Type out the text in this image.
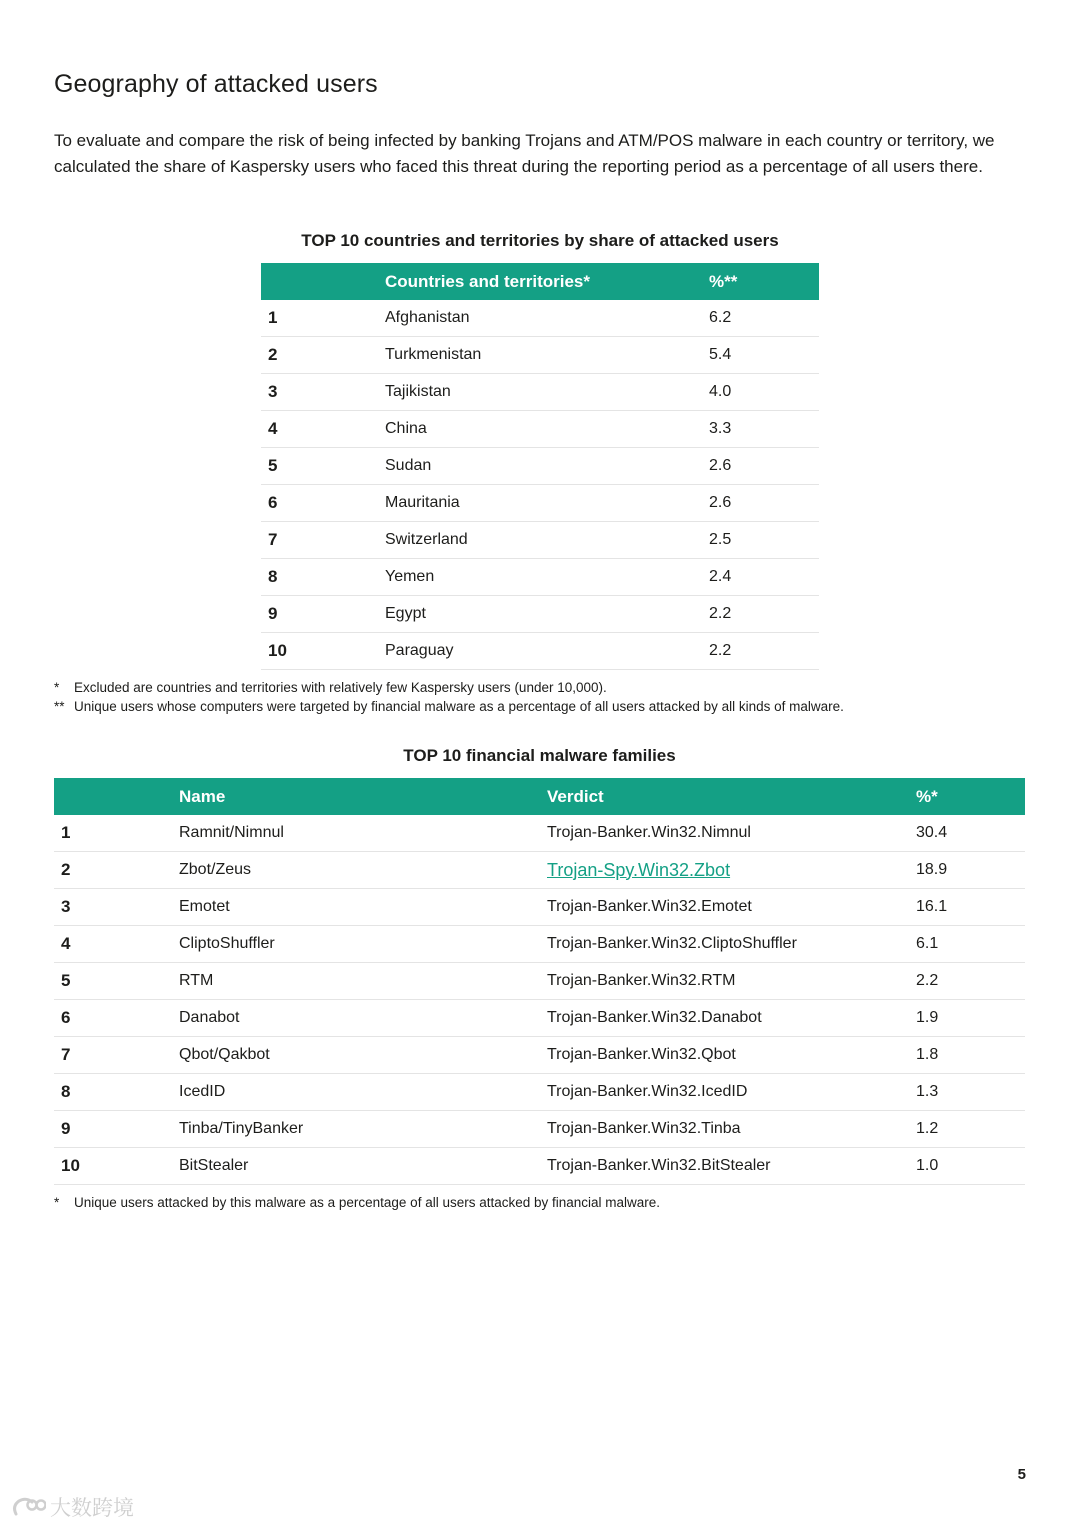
Geography of attacked users

To evaluate and compare the risk of being infected by banking Trojans and ATM/POS malware in each country or territory, we calculated the share of Kaspersky users who faced this threat during the reporting period as a percentage of all users there.

TOP 10 countries and territories by share of attacked users
	Countries and territories*	%**
1	Afghanistan	6.2
2	Turkmenistan	5.4
3	Tajikistan	4.0
4	China	3.3
5	Sudan	2.6
6	Mauritania	2.6
7	Switzerland	2.5
8	Yemen	2.4
9	Egypt	2.2
10	Paraguay	2.2
*	Excluded are countries and territories with relatively few Kaspersky users (under 10,000).
** Unique users whose computers were targeted by financial malware as a percentage of all users attacked by all kinds of malware.
TOP 10 financial malware families
	Name	Verdict	%*
1	Ramnit/Nimnul	Trojan-Banker.Win32.Nimnul	30.4
2	Zbot/Zeus	Trojan-Spy.Win32.Zbot	18.9
3	Emotet	Trojan-Banker.Win32.Emotet	16.1
4	CliptoShuffler	Trojan-Banker.Win32.CliptoShuffler	6.1
5	RTM	Trojan-Banker.Win32.RTM	2.2
6	Danabot	Trojan-Banker.Win32.Danabot	1.9
7	Qbot/Qakbot	Trojan-Banker.Win32.Qbot	1.8
8	IcedID	Trojan-Banker.Win32.IcedID	1.3
9	Tinba/TinyBanker	Trojan-Banker.Win32.Tinba	1.2
10	BitStealer	Trojan-Banker.Win32.BitStealer	1.0
*	Unique users attacked by this malware as a percentage of all users attacked by financial malware.
5
大数跨境
